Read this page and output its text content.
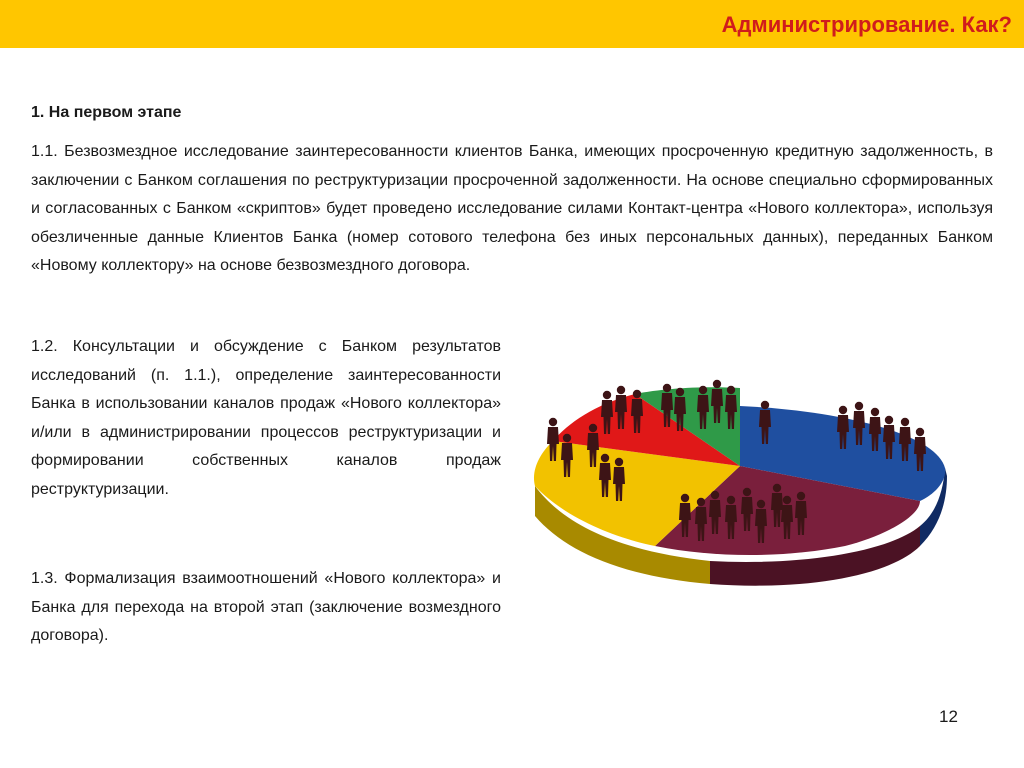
Администрирование. Как?
1. На первом этапе

1.1. Безвозмездное исследование заинтересованности клиентов Банка, имеющих просроченную кредитную задолженность, в заключении с Банком соглашения по реструктуризации просроченной задолженности. На основе специально сформированных и согласованных с Банком «скриптов» будет проведено исследование силами Контакт-центра «Нового коллектора», используя обезличенные данные Клиентов Банка (номер сотового телефона без иных персональных данных), переданных Банком «Новому коллектору» на основе безвозмездного договора.

1.2. Консультации и обсуждение с Банком результатов исследований (п. 1.1.), определение заинтересованности Банка в использовании каналов продаж «Нового коллектора» и/или в администрировании процессов реструктуризации и формировании собственных каналов продаж реструктуризации.

1.3. Формализация взаимоотношений «Нового коллектора» и Банка для перехода на второй этап (заключение возмездного договора).

12
